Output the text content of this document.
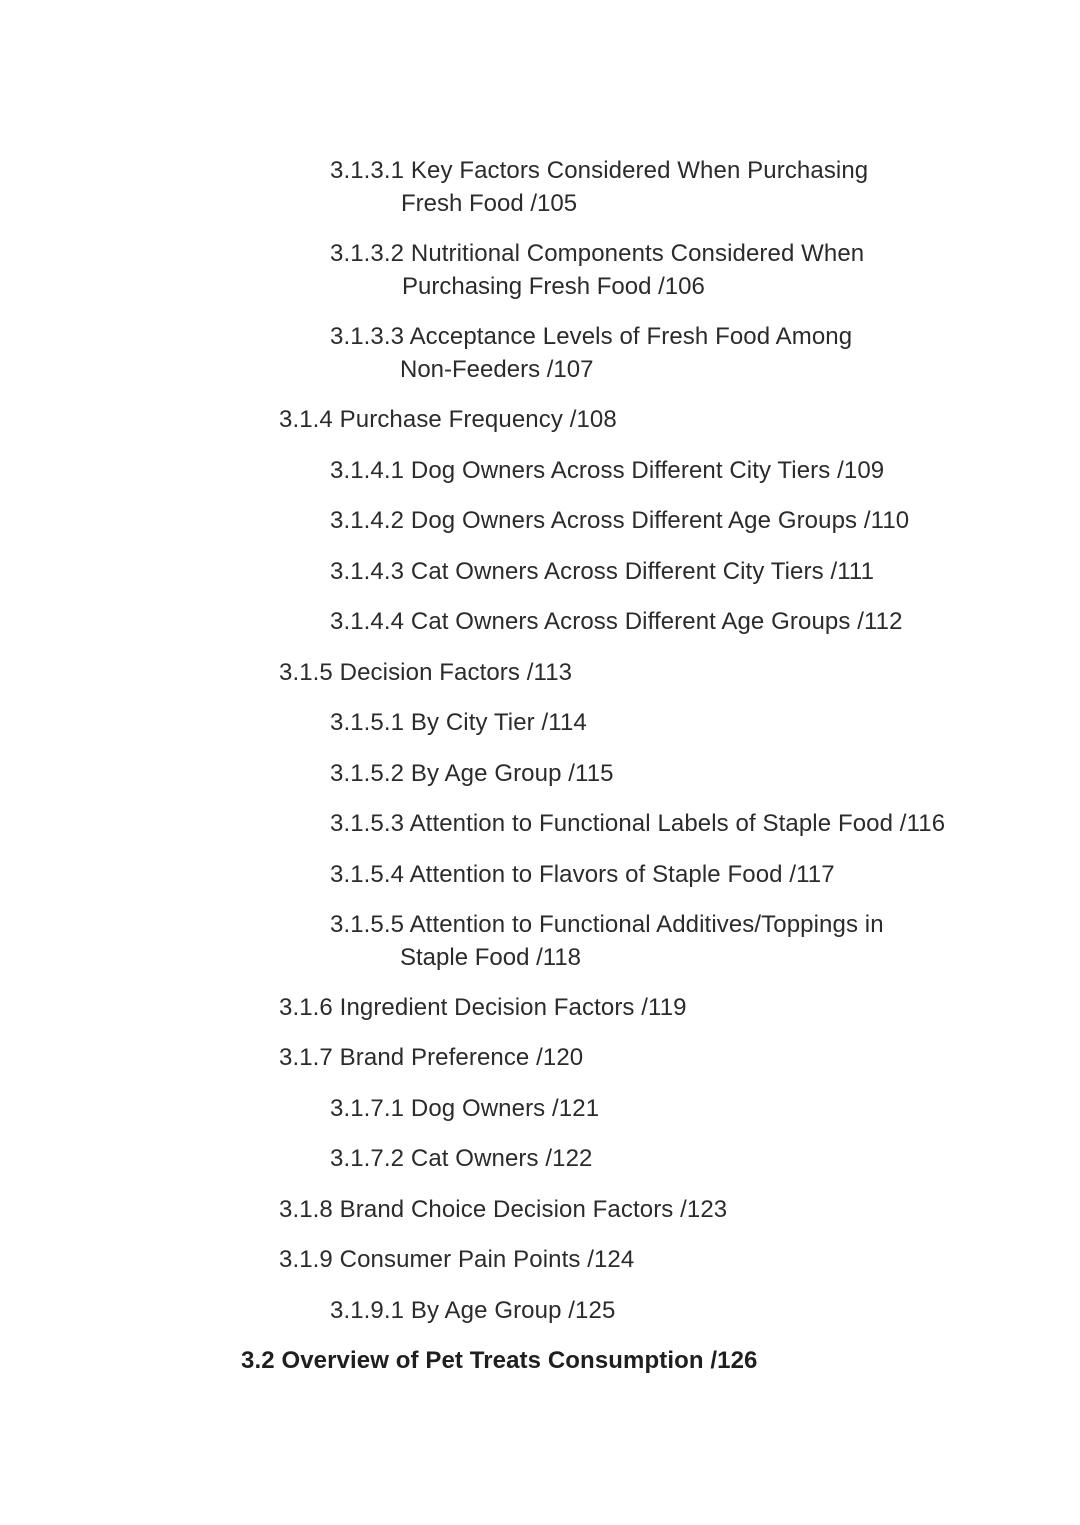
3.1.3.1 Key Factors Considered When Purchasing
Fresh Food /105
3.1.3.2 Nutritional Components Considered When
Purchasing Fresh Food /106
3.1.3.3 Acceptance Levels of Fresh Food Among
Non-Feeders /107
3.1.4 Purchase Frequency /108
3.1.4.1 Dog Owners Across Different City Tiers /109
3.1.4.2 Dog Owners Across Different Age Groups /110
3.1.4.3 Cat Owners Across Different City Tiers /111
3.1.4.4 Cat Owners Across Different Age Groups /112
3.1.5 Decision Factors /113
3.1.5.1 By City Tier /114
3.1.5.2 By Age Group /115
3.1.5.3 Attention to Functional Labels of Staple Food /116
3.1.5.4 Attention to Flavors of Staple Food /117
3.1.5.5 Attention to Functional Additives/Toppings in
Staple Food /118
3.1.6 Ingredient Decision Factors /119
3.1.7 Brand Preference /120
3.1.7.1 Dog Owners /121
3.1.7.2 Cat Owners /122
3.1.8 Brand Choice Decision Factors /123
3.1.9 Consumer Pain Points /124
3.1.9.1 By Age Group /125
3.2 Overview of Pet Treats Consumption /126
